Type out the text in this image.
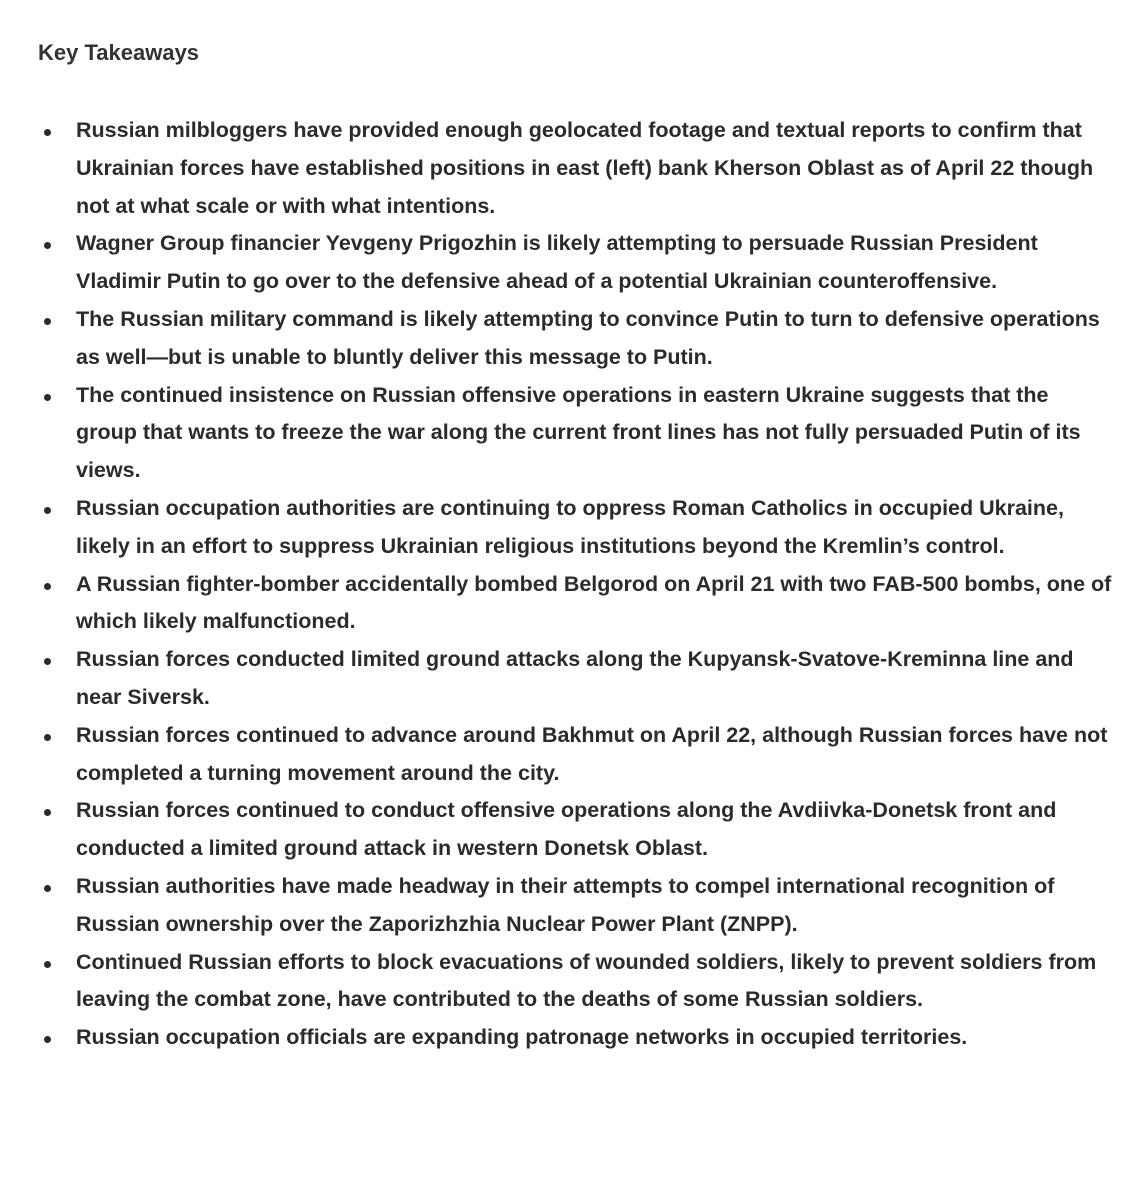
Key Takeaways
Russian milbloggers have provided enough geolocated footage and textual reports to confirm that Ukrainian forces have established positions in east (left) bank Kherson Oblast as of April 22 though not at what scale or with what intentions.
Wagner Group financier Yevgeny Prigozhin is likely attempting to persuade Russian President Vladimir Putin to go over to the defensive ahead of a potential Ukrainian counteroffensive.
The Russian military command is likely attempting to convince Putin to turn to defensive operations as well—but is unable to bluntly deliver this message to Putin.
The continued insistence on Russian offensive operations in eastern Ukraine suggests that the group that wants to freeze the war along the current front lines has not fully persuaded Putin of its views.
Russian occupation authorities are continuing to oppress Roman Catholics in occupied Ukraine, likely in an effort to suppress Ukrainian religious institutions beyond the Kremlin’s control.
A Russian fighter-bomber accidentally bombed Belgorod on April 21 with two FAB-500 bombs, one of which likely malfunctioned.
Russian forces conducted limited ground attacks along the Kupyansk-Svatove-Kreminna line and near Siversk.
Russian forces continued to advance around Bakhmut on April 22, although Russian forces have not completed a turning movement around the city.
Russian forces continued to conduct offensive operations along the Avdiivka-Donetsk front and conducted a limited ground attack in western Donetsk Oblast.
Russian authorities have made headway in their attempts to compel international recognition of Russian ownership over the Zaporizhzhia Nuclear Power Plant (ZNPP).
Continued Russian efforts to block evacuations of wounded soldiers, likely to prevent soldiers from leaving the combat zone, have contributed to the deaths of some Russian soldiers.
Russian occupation officials are expanding patronage networks in occupied territories.
